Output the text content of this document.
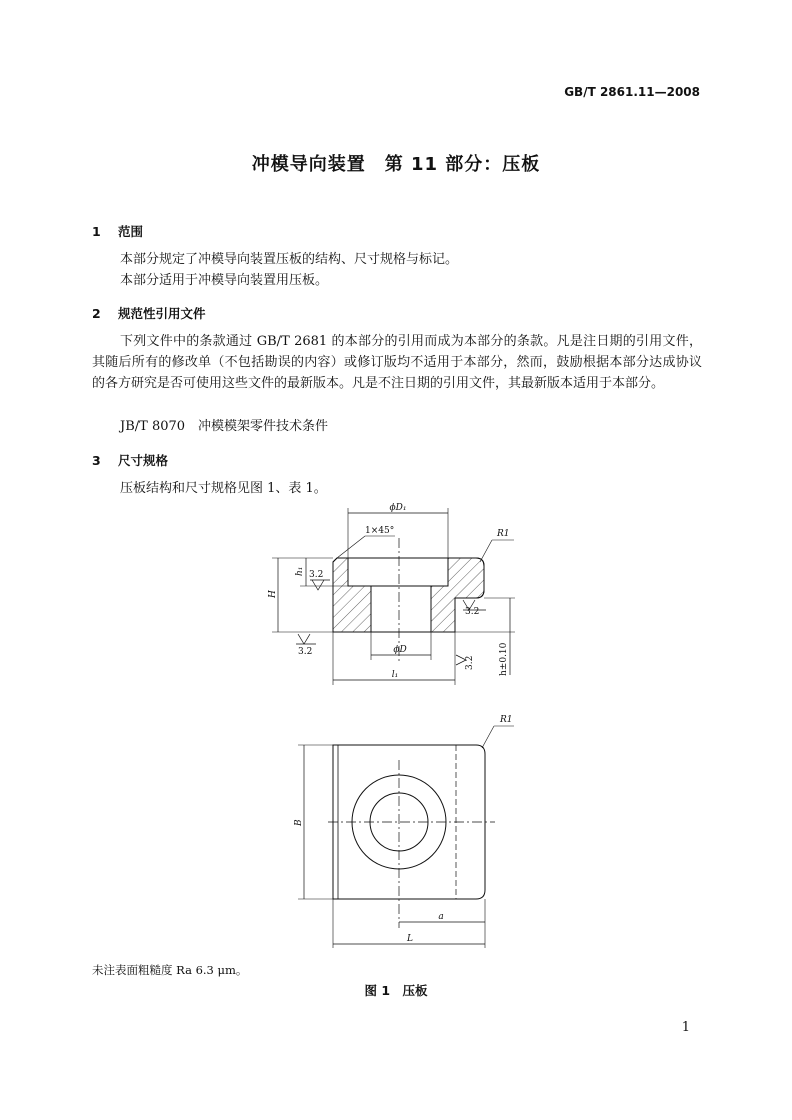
GB/T 2861.11—2008
冲模导向装置　第 11 部分：压板
1 范围
本部分规定了冲模导向装置压板的结构、尺寸规格与标记。
本部分适用于冲模导向装置用压板。
2 规范性引用文件
下列文件中的条款通过 GB/T 2681 的本部分的引用而成为本部分的条款。凡是注日期的引用文件，其随后所有的修改单（不包括勘误的内容）或修订版均不适用于本部分，然而，鼓励根据本部分达成协议的各方研究是否可使用这些文件的最新版本。凡是不注日期的引用文件，其最新版本适用于本部分。
JB/T 8070　冲模模架零件技术条件
3 尺寸规格
压板结构和尺寸规格见图 1、表 1。
ϕD₁
1×45°	R1
h₁ 3.2
H
3.2
3.2
3.2
ϕD
l₁	h±0.10
R1
B
a
L
未注表面粗糙度 Ra 6.3 μm。
图 1　压板
1
